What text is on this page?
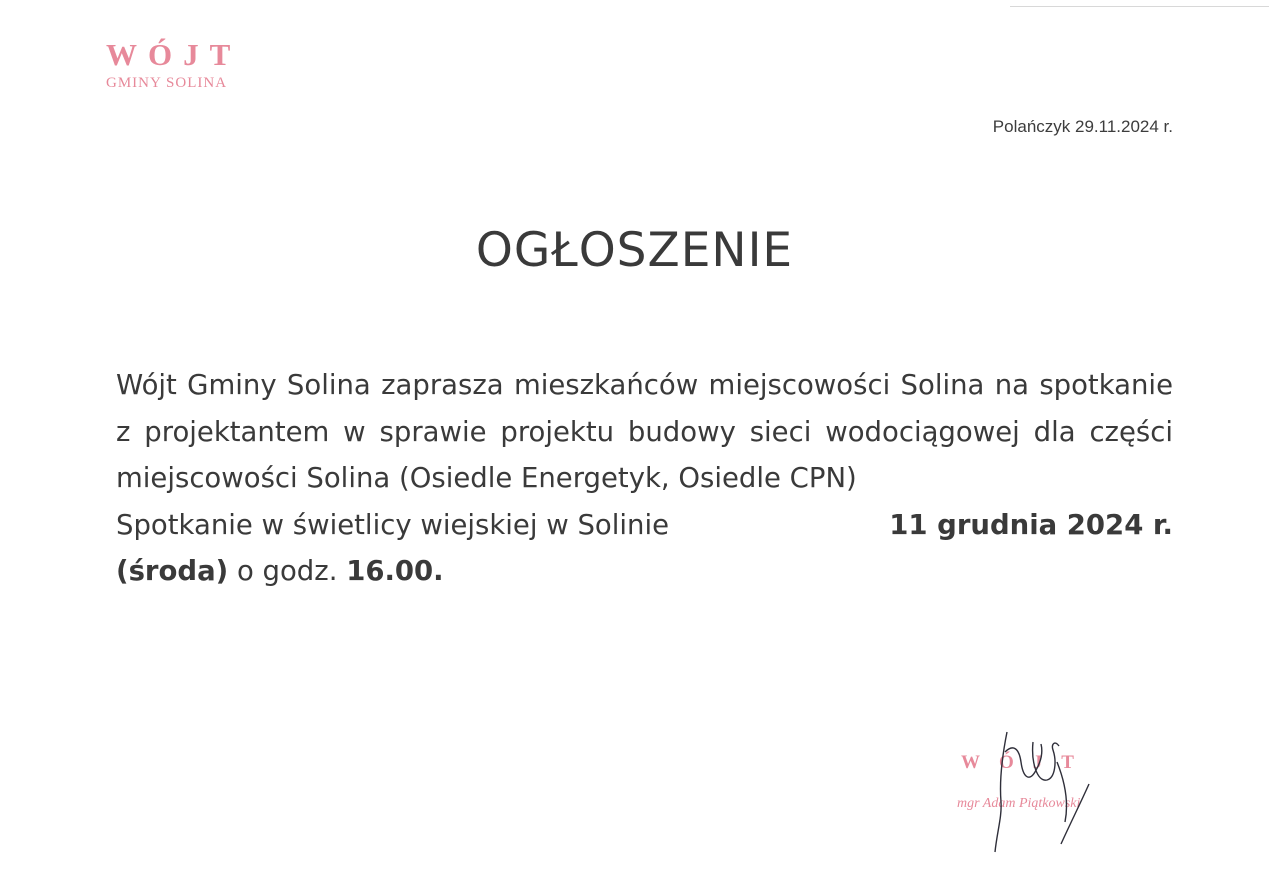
WÓJT
GMINY SOLINA
Polańczyk 29.11.2024 r.
OGŁOSZENIE

Wójt Gminy Solina zaprasza mieszkańców miejscowości Solina na spotkanie z projektantem w sprawie projektu budowy sieci wodociągowej dla części miejscowości Solina (Osiedle Energetyk, Osiedle CPN)

Spotkanie w świetlicy wiejskiej w Solinie	11 grudnia 2024 r.
(środa) o godz. 16.00.
WÓJT
mgr Adam Piątkowski
